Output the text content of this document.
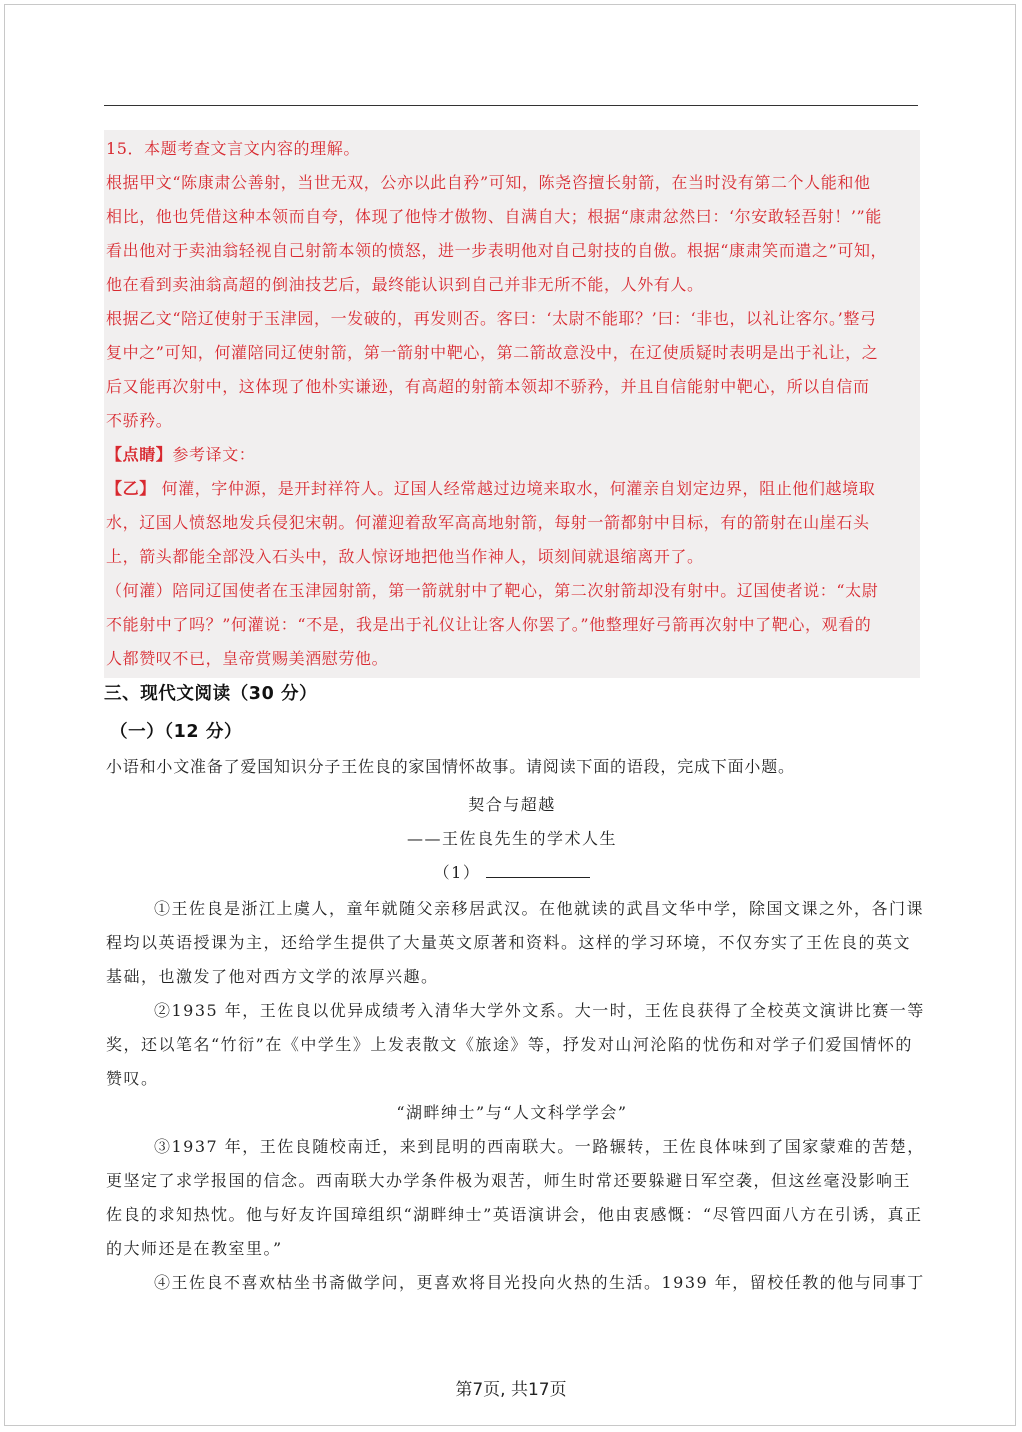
15．本题考查文言文内容的理解。
根据甲文“陈康肃公善射，当世无双，公亦以此自矜”可知，陈尧咨擅长射箭，在当时没有第二个人能和他
相比，他也凭借这种本领而自夸，体现了他恃才傲物、自满自大；根据“康肃忿然曰：‘尔安敢轻吾射！’”能
看出他对于卖油翁轻视自己射箭本领的愤怒，进一步表明他对自己射技的自傲。根据“康肃笑而遣之”可知，
他在看到卖油翁高超的倒油技艺后，最终能认识到自己并非无所不能，人外有人。
根据乙文“陪辽使射于玉津园，一发破的，再发则否。客曰：‘太尉不能耶？’曰：‘非也，以礼让客尔。’整弓
复中之”可知，何灌陪同辽使射箭，第一箭射中靶心，第二箭故意没中，在辽使质疑时表明是出于礼让，之
后又能再次射中，这体现了他朴实谦逊，有高超的射箭本领却不骄矜，并且自信能射中靶心，所以自信而
不骄矜。
【点睛】参考译文：
【乙】 何灌，字仲源，是开封祥符人。辽国人经常越过边境来取水，何灌亲自划定边界，阻止他们越境取
水，辽国人愤怒地发兵侵犯宋朝。何灌迎着敌军高高地射箭，每射一箭都射中目标，有的箭射在山崖石头
上，箭头都能全部没入石头中，敌人惊讶地把他当作神人，顷刻间就退缩离开了。
（何灌）陪同辽国使者在玉津园射箭，第一箭就射中了靶心，第二次射箭却没有射中。辽国使者说：“太尉
不能射中了吗？”何灌说：“不是，我是出于礼仪让让客人你罢了。”他整理好弓箭再次射中了靶心，观看的
人都赞叹不已，皇帝赏赐美酒慰劳他。
三、现代文阅读（30 分）
（一）（12 分）
小语和小文准备了爱国知识分子王佐良的家国情怀故事。请阅读下面的语段，完成下面小题。
契合与超越
——王佐良先生的学术人生
（1）
①王佐良是浙江上虞人，童年就随父亲移居武汉。在他就读的武昌文华中学，除国文课之外，各门课
程均以英语授课为主，还给学生提供了大量英文原著和资料。这样的学习环境，不仅夯实了王佐良的英文
基础，也激发了他对西方文学的浓厚兴趣。
②1935 年，王佐良以优异成绩考入清华大学外文系。大一时，王佐良获得了全校英文演讲比赛一等
奖，还以笔名“竹衍”在《中学生》上发表散文《旅途》等，抒发对山河沦陷的忧伤和对学子们爱国情怀的
赞叹。
“湖畔绅士”与“人文科学学会”
③1937 年，王佐良随校南迁，来到昆明的西南联大。一路辗转，王佐良体味到了国家蒙难的苦楚，
更坚定了求学报国的信念。西南联大办学条件极为艰苦，师生时常还要躲避日军空袭，但这丝毫没影响王
佐良的求知热忱。他与好友许国璋组织“湖畔绅士”英语演讲会，他由衷感慨：“尽管四面八方在引诱，真正
的大师还是在教室里。”
④王佐良不喜欢枯坐书斋做学问，更喜欢将目光投向火热的生活。1939 年，留校任教的他与同事丁
第7页, 共17页
